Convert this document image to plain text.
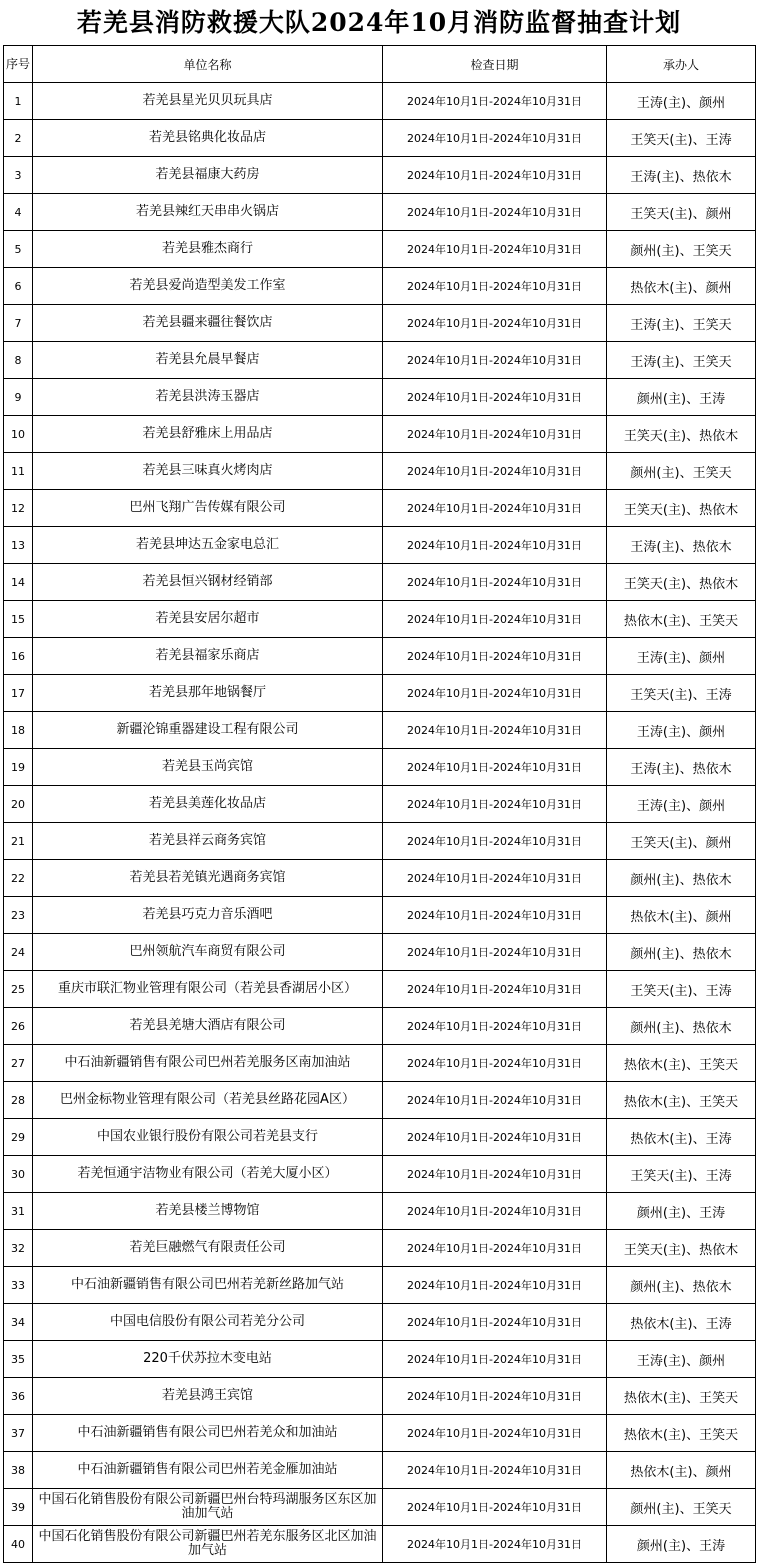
若羌县消防救援大队2024年10月消防监督抽查计划
序号	单位名称	检查日期	承办人
1	若羌县星光贝贝玩具店	2024年10月1日-2024年10月31日	王涛(主)、颜州
2	若羌县铭典化妆品店	2024年10月1日-2024年10月31日	王笑天(主)、王涛
3	若羌县福康大药房	2024年10月1日-2024年10月31日	王涛(主)、热依木
4	若羌县辣红天串串火锅店	2024年10月1日-2024年10月31日	王笑天(主)、颜州
5	若羌县雅杰商行	2024年10月1日-2024年10月31日	颜州(主)、王笑天
6	若羌县爱尚造型美发工作室	2024年10月1日-2024年10月31日	热依木(主)、颜州
7	若羌县疆来疆往餐饮店	2024年10月1日-2024年10月31日	王涛(主)、王笑天
8	若羌县允晨早餐店	2024年10月1日-2024年10月31日	王涛(主)、王笑天
9	若羌县洪涛玉器店	2024年10月1日-2024年10月31日	颜州(主)、王涛
10	若羌县舒雅床上用品店	2024年10月1日-2024年10月31日	王笑天(主)、热依木
11	若羌县三味真火烤肉店	2024年10月1日-2024年10月31日	颜州(主)、王笑天
12	巴州飞翔广告传媒有限公司	2024年10月1日-2024年10月31日	王笑天(主)、热依木
13	若羌县坤达五金家电总汇	2024年10月1日-2024年10月31日	王涛(主)、热依木
14	若羌县恒兴钢材经销部	2024年10月1日-2024年10月31日	王笑天(主)、热依木
15	若羌县安居尔超市	2024年10月1日-2024年10月31日	热依木(主)、王笑天
16	若羌县福家乐商店	2024年10月1日-2024年10月31日	王涛(主)、颜州
17	若羌县那年地锅餐厅	2024年10月1日-2024年10月31日	王笑天(主)、王涛
18	新疆沦锦重器建设工程有限公司	2024年10月1日-2024年10月31日	王涛(主)、颜州
19	若羌县玉尚宾馆	2024年10月1日-2024年10月31日	王涛(主)、热依木
20	若羌县美莲化妆品店	2024年10月1日-2024年10月31日	王涛(主)、颜州
21	若羌县祥云商务宾馆	2024年10月1日-2024年10月31日	王笑天(主)、颜州
22	若羌县若羌镇光遇商务宾馆	2024年10月1日-2024年10月31日	颜州(主)、热依木
23	若羌县巧克力音乐酒吧	2024年10月1日-2024年10月31日	热依木(主)、颜州
24	巴州领航汽车商贸有限公司	2024年10月1日-2024年10月31日	颜州(主)、热依木
25	重庆市联汇物业管理有限公司（若羌县香湖居小区）	2024年10月1日-2024年10月31日	王笑天(主)、王涛
26	若羌县羌塘大酒店有限公司	2024年10月1日-2024年10月31日	颜州(主)、热依木
27	中石油新疆销售有限公司巴州若羌服务区南加油站	2024年10月1日-2024年10月31日	热依木(主)、王笑天
28	巴州金标物业管理有限公司（若羌县丝路花园A区）	2024年10月1日-2024年10月31日	热依木(主)、王笑天
29	中国农业银行股份有限公司若羌县支行	2024年10月1日-2024年10月31日	热依木(主)、王涛
30	若羌恒通宇洁物业有限公司（若羌大厦小区）	2024年10月1日-2024年10月31日	王笑天(主)、王涛
31	若羌县楼兰博物馆	2024年10月1日-2024年10月31日	颜州(主)、王涛
32	若羌巨融燃气有限责任公司	2024年10月1日-2024年10月31日	王笑天(主)、热依木
33	中石油新疆销售有限公司巴州若羌新丝路加气站	2024年10月1日-2024年10月31日	颜州(主)、热依木
34	中国电信股份有限公司若羌分公司	2024年10月1日-2024年10月31日	热依木(主)、王涛
35	220千伏苏拉木变电站	2024年10月1日-2024年10月31日	王涛(主)、颜州
36	若羌县鸿王宾馆	2024年10月1日-2024年10月31日	热依木(主)、王笑天
37	中石油新疆销售有限公司巴州若羌众和加油站	2024年10月1日-2024年10月31日	热依木(主)、王笑天
38	中石油新疆销售有限公司巴州若羌金雁加油站	2024年10月1日-2024年10月31日	热依木(主)、颜州
39	中国石化销售股份有限公司新疆巴州台特玛湖服务区东区加油加气站	2024年10月1日-2024年10月31日	颜州(主)、王笑天
40	中国石化销售股份有限公司新疆巴州若羌东服务区北区加油加气站	2024年10月1日-2024年10月31日	颜州(主)、王涛
